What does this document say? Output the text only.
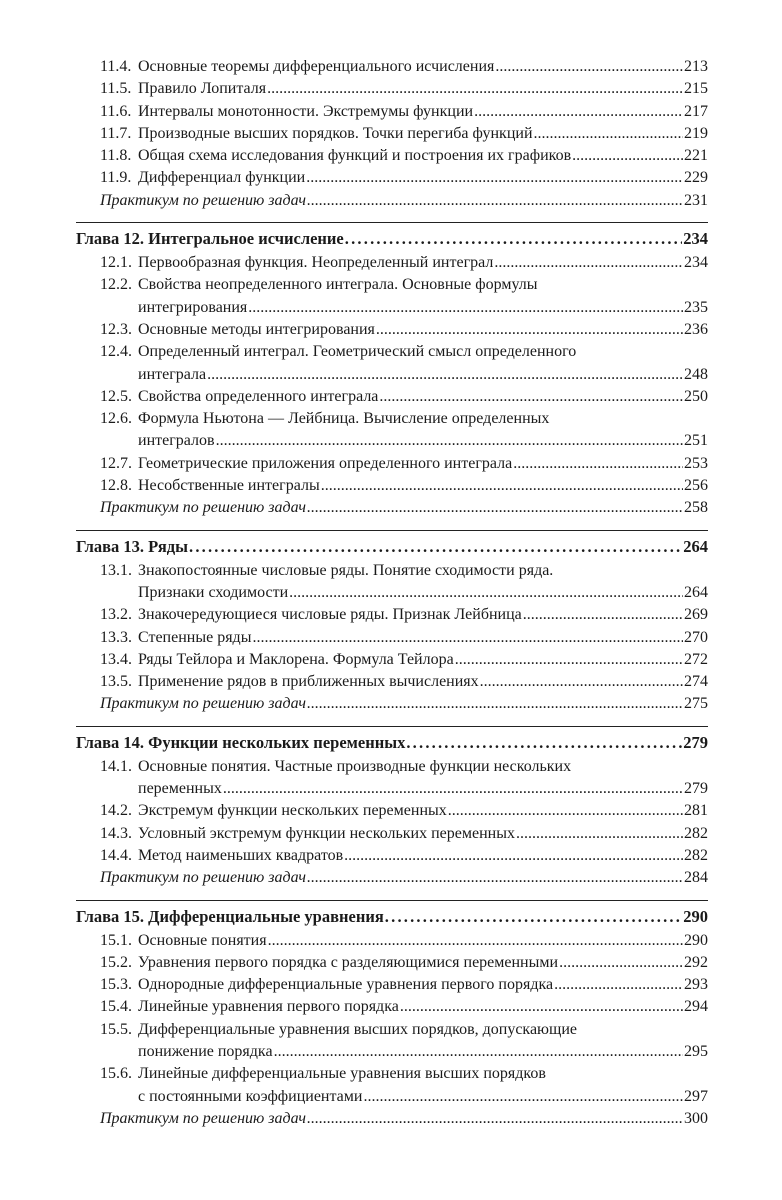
11.4. Основные теоремы дифференциального исчисления .....	213
11.5. Правило Лопиталя .....	215
11.6. Интервалы монотонности. Экстремумы функции .....	217
11.7. Производные высших порядков. Точки перегиба функций .....	219
11.8. Общая схема исследования функций и построения их графиков .....	221
11.9. Дифференциал функции .....	229
Практикум по решению задач .....	231
Глава 12. Интегральное исчисление .....	234
12.1. Первообразная функция. Неопределенный интеграл .....	234
12.2. Свойства неопределенного интеграла. Основные формулы
интегрирования .....	235
12.3. Основные методы интегрирования .....	236
12.4. Определенный интеграл. Геометрический смысл определенного
интеграла .....	248
12.5. Свойства определенного интеграла .....	250
12.6. Формула Ньютона — Лейбница. Вычисление определенных
интегралов .....	251
12.7. Геометрические приложения определенного интеграла .....	253
12.8. Несобственные интегралы .....	256
Практикум по решению задач .....	258
Глава 13. Ряды .....	264
13.1. Знакопостоянные числовые ряды. Понятие сходимости ряда.
Признаки сходимости .....	264
13.2. Знакочередующиеся числовые ряды. Признак Лейбница .....	269
13.3. Степенные ряды .....	270
13.4. Ряды Тейлора и Маклорена. Формула Тейлора .....	272
13.5. Применение рядов в приближенных вычислениях .....	274
Практикум по решению задач .....	275
Глава 14. Функции нескольких переменных .....	279
14.1. Основные понятия. Частные производные функции нескольких
переменных .....	279
14.2. Экстремум функции нескольких переменных .....	281
14.3. Условный экстремум функции нескольких переменных .....	282
14.4. Метод наименьших квадратов .....	282
Практикум по решению задач .....	284
Глава 15. Дифференциальные уравнения .....	290
15.1. Основные понятия .....	290
15.2. Уравнения первого порядка с разделяющимися переменными .....	292
15.3. Однородные дифференциальные уравнения первого порядка .....	293
15.4. Линейные уравнения первого порядка .....	294
15.5. Дифференциальные уравнения высших порядков, допускающие
понижение порядка .....	295
15.6. Линейные дифференциальные уравнения высших порядков
с постоянными коэффициентами .....	297
Практикум по решению задач .....	300
